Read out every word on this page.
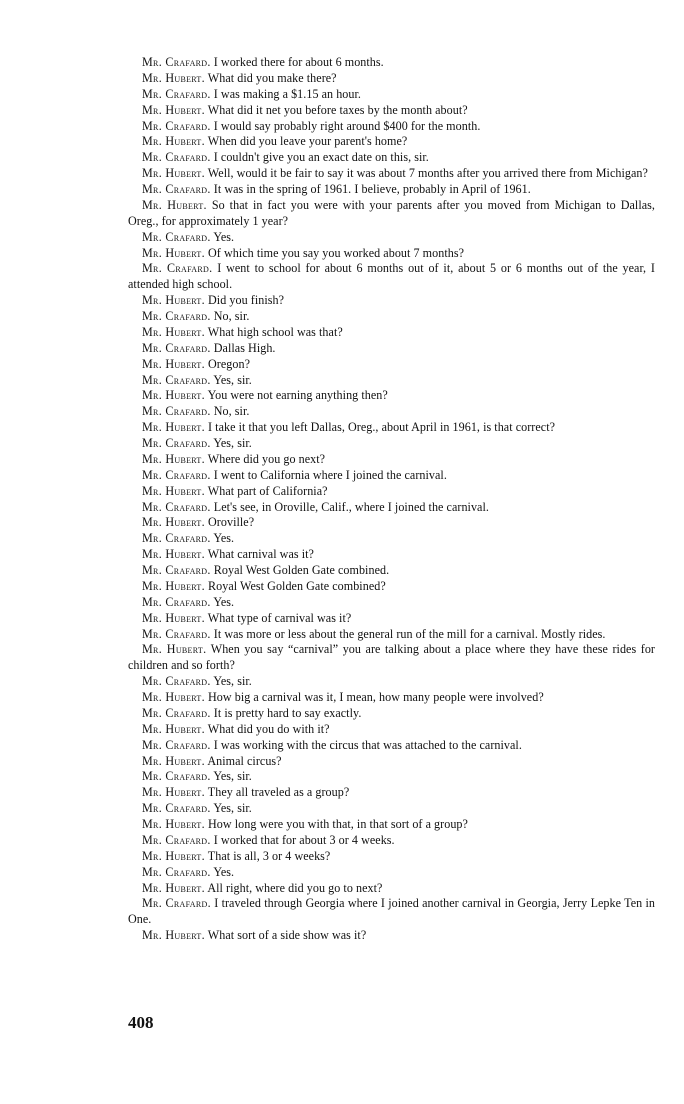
Mr. Crafard. I worked there for about 6 months.

Mr. Hubert. What did you make there?

Mr. Crafard. I was making a $1.15 an hour.

Mr. Hubert. What did it net you before taxes by the month about?

Mr. Crafard. I would say probably right around $400 for the month.

Mr. Hubert. When did you leave your parent's home?

Mr. Crafard. I couldn't give you an exact date on this, sir.

Mr. Hubert. Well, would it be fair to say it was about 7 months after you arrived there from Michigan?

Mr. Crafard. It was in the spring of 1961. I believe, probably in April of 1961.

Mr. Hubert. So that in fact you were with your parents after you moved from Michigan to Dallas, Oreg., for approximately 1 year?

Mr. Crafard. Yes.

Mr. Hubert. Of which time you say you worked about 7 months?

Mr. Crafard. I went to school for about 6 months out of it, about 5 or 6 months out of the year, I attended high school.

Mr. Hubert. Did you finish?

Mr. Crafard. No, sir.

Mr. Hubert. What high school was that?

Mr. Crafard. Dallas High.

Mr. Hubert. Oregon?

Mr. Crafard. Yes, sir.

Mr. Hubert. You were not earning anything then?

Mr. Crafard. No, sir.

Mr. Hubert. I take it that you left Dallas, Oreg., about April in 1961, is that correct?

Mr. Crafard. Yes, sir.

Mr. Hubert. Where did you go next?

Mr. Crafard. I went to California where I joined the carnival.

Mr. Hubert. What part of California?

Mr. Crafard. Let's see, in Oroville, Calif., where I joined the carnival.

Mr. Hubert. Oroville?

Mr. Crafard. Yes.

Mr. Hubert. What carnival was it?

Mr. Crafard. Royal West Golden Gate combined.

Mr. Hubert. Royal West Golden Gate combined?

Mr. Crafard. Yes.

Mr. Hubert. What type of carnival was it?

Mr. Crafard. It was more or less about the general run of the mill for a carnival. Mostly rides.

Mr. Hubert. When you say “carnival” you are talking about a place where they have these rides for children and so forth?

Mr. Crafard. Yes, sir.

Mr. Hubert. How big a carnival was it, I mean, how many people were involved?

Mr. Crafard. It is pretty hard to say exactly.

Mr. Hubert. What did you do with it?

Mr. Crafard. I was working with the circus that was attached to the carnival.

Mr. Hubert. Animal circus?

Mr. Crafard. Yes, sir.

Mr. Hubert. They all traveled as a group?

Mr. Crafard. Yes, sir.

Mr. Hubert. How long were you with that, in that sort of a group?

Mr. Crafard. I worked that for about 3 or 4 weeks.

Mr. Hubert. That is all, 3 or 4 weeks?

Mr. Crafard. Yes.

Mr. Hubert. All right, where did you go to next?

Mr. Crafard. I traveled through Georgia where I joined another carnival in Georgia, Jerry Lepke Ten in One.

Mr. Hubert. What sort of a side show was it?

408
